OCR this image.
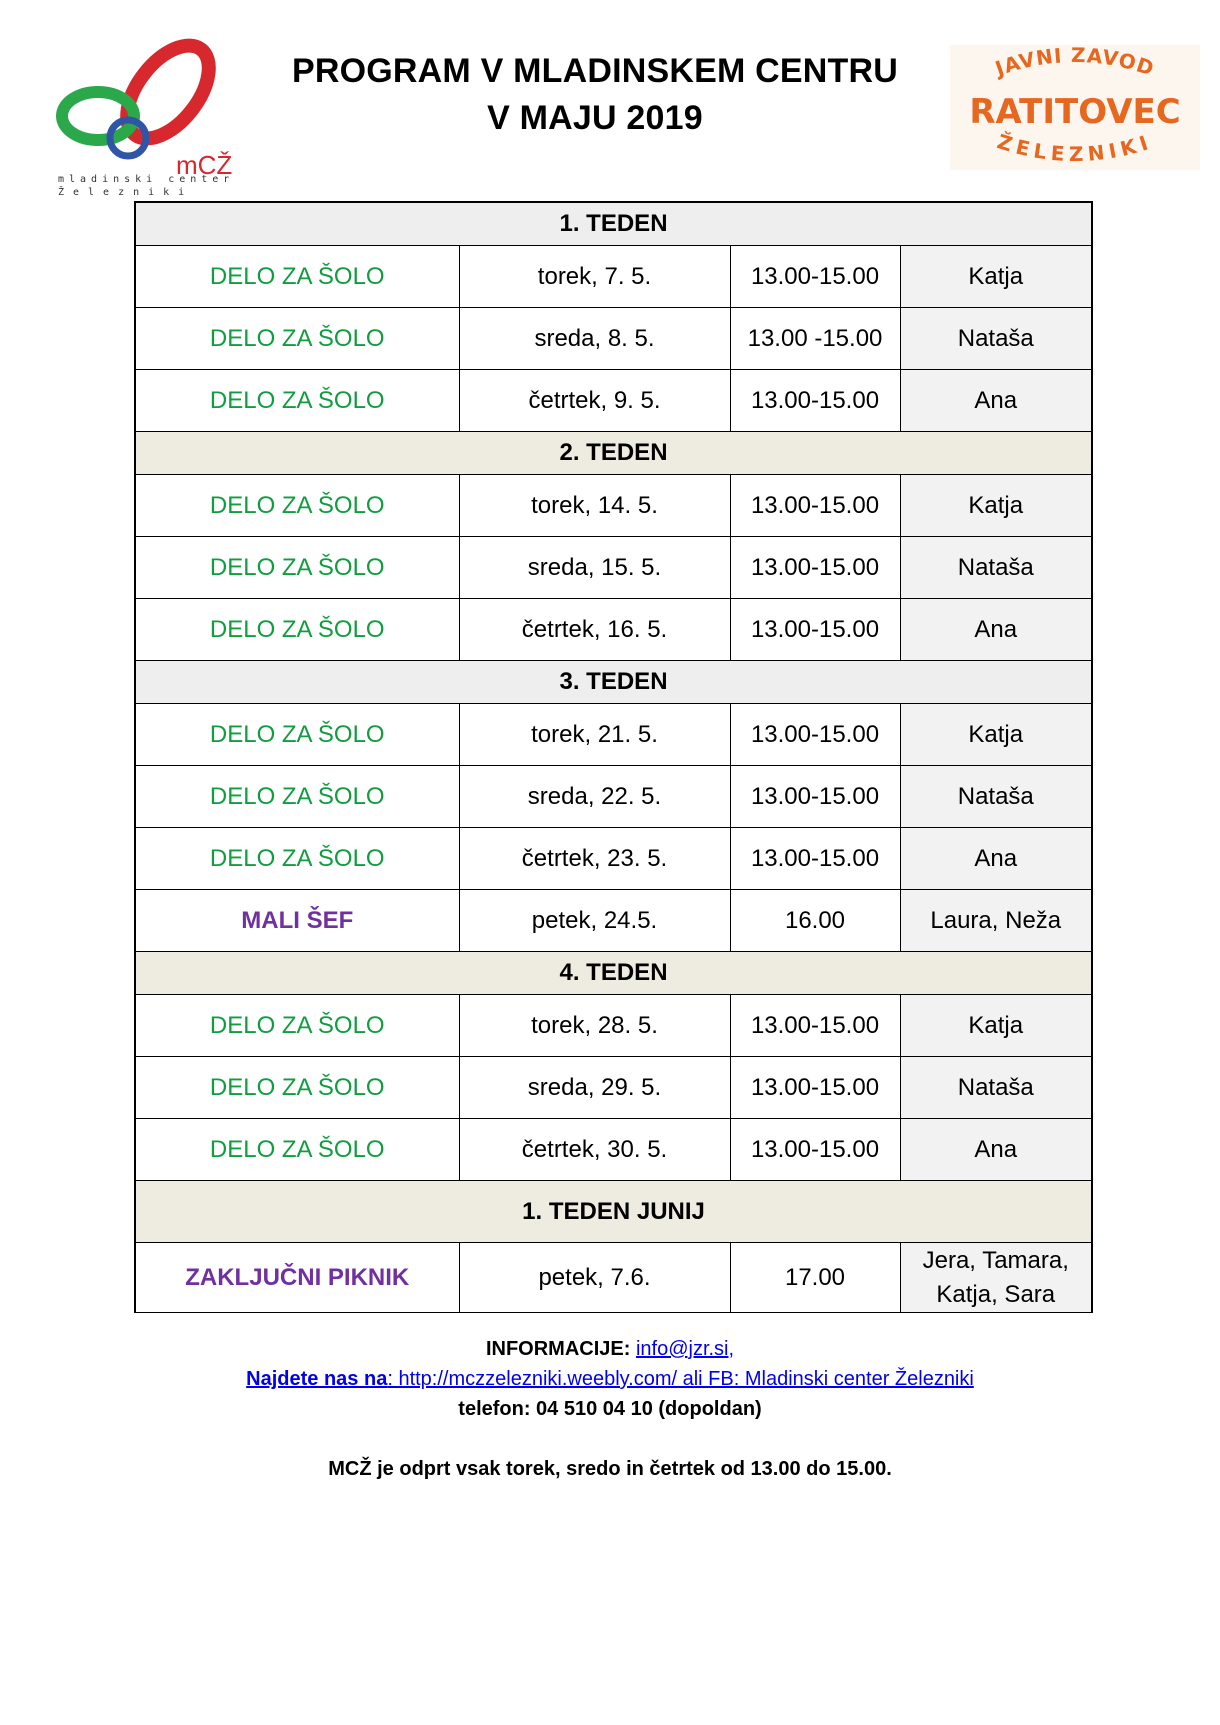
mCŽ
mladinski center
Železniki
PROGRAM V MLADINSKEM CENTRU
V MAJU 2019
JAVNI ZAVOD
RATITOVEC
ŽELEZNIKI
1. TEDEN			
DELO ZA ŠOLO	torek, 7. 5.	13.00-15.00	Katja
DELO ZA ŠOLO	sreda, 8. 5.	13.00 -15.00	Nataša
DELO ZA ŠOLO	četrtek, 9. 5.	13.00-15.00	Ana
2. TEDEN			
DELO ZA ŠOLO	torek, 14. 5.	13.00-15.00	Katja
DELO ZA ŠOLO	sreda, 15. 5.	13.00-15.00	Nataša
DELO ZA ŠOLO	četrtek, 16. 5.	13.00-15.00	Ana
3. TEDEN			
DELO ZA ŠOLO	torek, 21. 5.	13.00-15.00	Katja
DELO ZA ŠOLO	sreda, 22. 5.	13.00-15.00	Nataša
DELO ZA ŠOLO	četrtek, 23. 5.	13.00-15.00	Ana
MALI ŠEF	petek, 24.5.	16.00	Laura, Neža
4. TEDEN			
DELO ZA ŠOLO	torek, 28. 5.	13.00-15.00	Katja
DELO ZA ŠOLO	sreda, 29. 5.	13.00-15.00	Nataša
DELO ZA ŠOLO	četrtek, 30. 5.	13.00-15.00	Ana
1. TEDEN JUNIJ			
ZAKLJUČNI PIKNIK	petek, 7.6.	17.00	Jera, Tamara,
Katja, Sara
INFORMACIJE: info@jzr.si,
Najdete nas na: http://mczzelezniki.weebly.com/ ali FB: Mladinski center Železniki
telefon: 04 510 04 10 (dopoldan)
MCŽ je odprt vsak torek, sredo in četrtek od 13.00 do 15.00.
